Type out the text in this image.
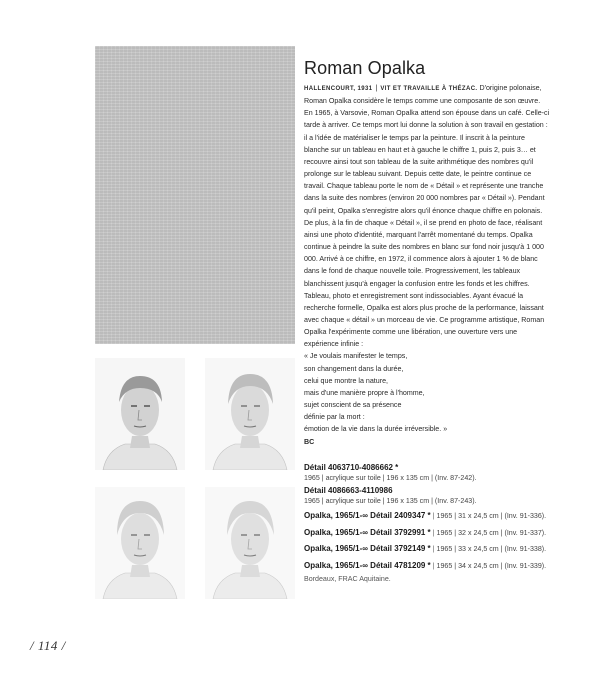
Roman Opalka

HALLENCOURT, 1931 | VIT ET TRAVAILLE À THÉZAC. D'origine polonaise, Roman Opalka considère le temps comme une composante de son œuvre.

En 1965, à Varsovie, Roman Opalka attend son épouse dans un café. Celle-ci tarde à arriver. Ce temps mort lui donne la solution à son travail en gestation : il a l'idée de matérialiser le temps par la peinture. Il inscrit à la peinture blanche sur un tableau en haut et à gauche le chiffre 1, puis 2, puis 3… et recouvre ainsi tout son tableau de la suite arithmétique des nombres qu'il prolonge sur le tableau suivant. Depuis cette date, le peintre continue ce travail. Chaque tableau porte le nom de « Détail » et représente une tranche dans la suite des nombres (environ 20 000 nombres par « Détail »). Pendant qu'il peint, Opalka s'enregistre alors qu'il énonce chaque chiffre en polonais. De plus, à la fin de chaque « Détail », il se prend en photo de face, réalisant ainsi une photo d'identité, marquant l'arrêt momentané du temps. Opalka continue à peindre la suite des nombres en blanc sur fond noir jusqu'à 1 000 000. Arrivé à ce chiffre, en 1972, il commence alors à ajouter 1 % de blanc dans le fond de chaque nouvelle toile. Progressivement, les tableaux blanchissent jusqu'à engager la confusion entre les fonds et les chiffres. Tableau, photo et enregistrement sont indissociables. Ayant évacué la recherche formelle, Opalka est alors plus proche de la performance, laissant avec chaque « détail » un morceau de vie. Ce programme artistique, Roman Opalka l'expérimente comme une libération, une ouverture vers une expérience infinie :

« Je voulais manifester le temps,

son changement dans la durée,

celui que montre la nature,

mais d'une manière propre à l'homme,

sujet conscient de sa présence

définie par la mort :

émotion de la vie dans la durée irréversible. »

BC

Détail 4063710-4086662 *
1965 | acrylique sur toile | 196 x 135 cm | (Inv. 87-242).
Détail 4086663-4110986
1965 | acrylique sur toile | 196 x 135 cm | (Inv. 87-243).
Opalka, 1965/1-∞ Détail 2409347 * | 1965 | 31 x 24,5 cm | (Inv. 91-336).
Opalka, 1965/1-∞ Détail 3792991 * | 1965 | 32 x 24,5 cm | (Inv. 91-337).
Opalka, 1965/1-∞ Détail 3792149 * | 1965 | 33 x 24,5 cm | (Inv. 91-338).
Opalka, 1965/1-∞ Détail 4781209 * | 1965 | 34 x 24,5 cm | (Inv. 91-339).
Bordeaux, FRAC Aquitaine.
/ 114 /
